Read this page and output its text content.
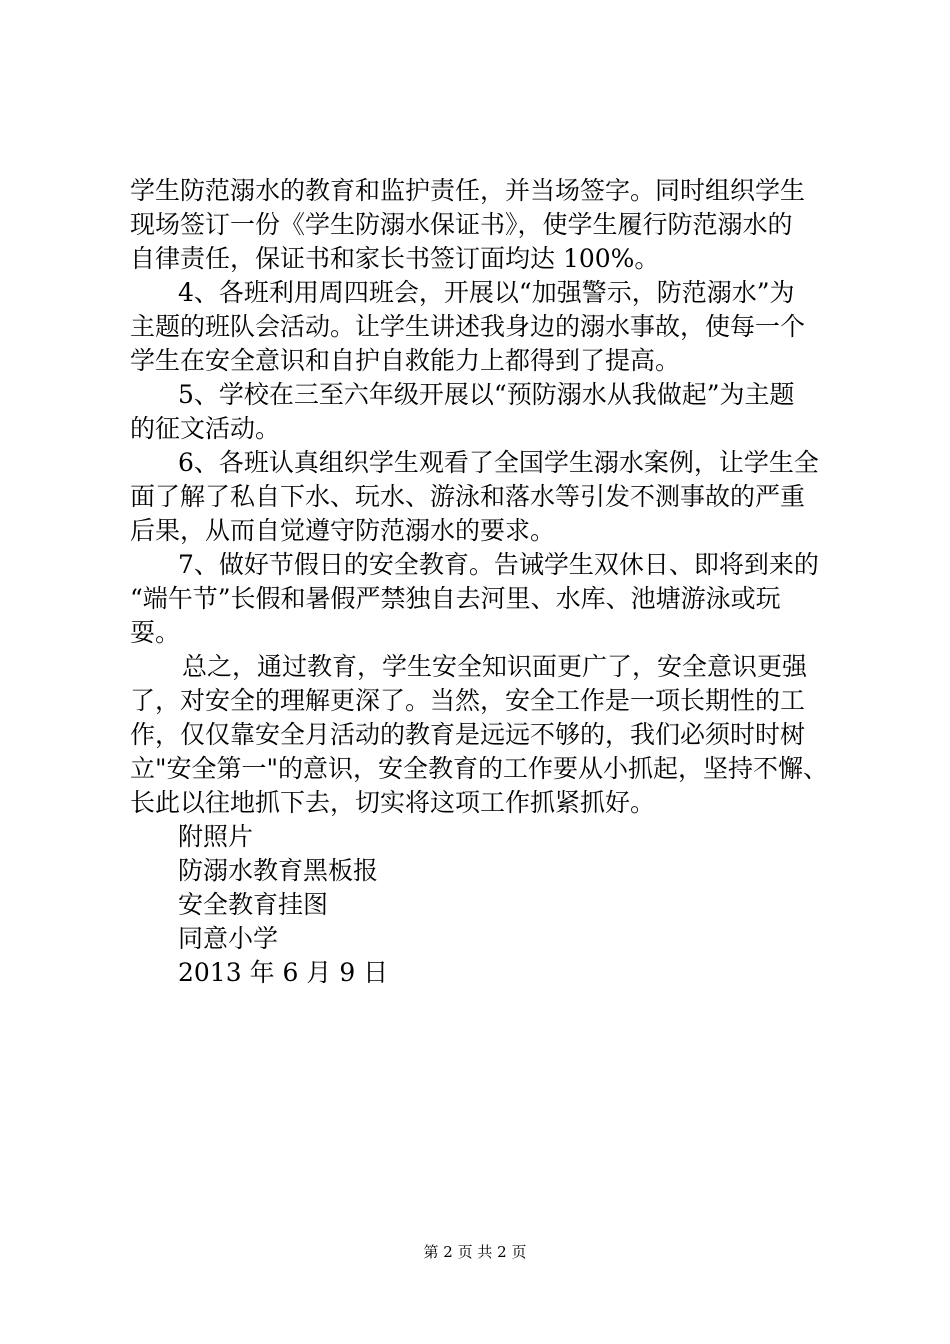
学生防范溺水的教育和监护责任，并当场签字。同时组织学生
现场签订一份《学生防溺水保证书》，使学生履行防范溺水的
自律责任，保证书和家长书签订面均达 100%。
4、各班利用周四班会，开展以“加强警示，防范溺水”为
主题的班队会活动。让学生讲述我身边的溺水事故，使每一个
学生在安全意识和自护自救能力上都得到了提高。
5、学校在三至六年级开展以“预防溺水从我做起”为主题
的征文活动。
6、各班认真组织学生观看了全国学生溺水案例，让学生全
面了解了私自下水、玩水、游泳和落水等引发不测事故的严重
后果，从而自觉遵守防范溺水的要求。
7、做好节假日的安全教育。告诫学生双休日、即将到来的
“端午节”长假和暑假严禁独自去河里、水库、池塘游泳或玩
耍。
总之，通过教育，学生安全知识面更广了，安全意识更强
了，对安全的理解更深了。当然，安全工作是一项长期性的工
作，仅仅靠安全月活动的教育是远远不够的，我们必须时时树
立"安全第一"的意识，安全教育的工作要从小抓起，坚持不懈、
长此以往地抓下去，切实将这项工作抓紧抓好。
附照片
防溺水教育黑板报
安全教育挂图
同意小学
2013 年 6 月 9 日
第 2 页 共 2 页
